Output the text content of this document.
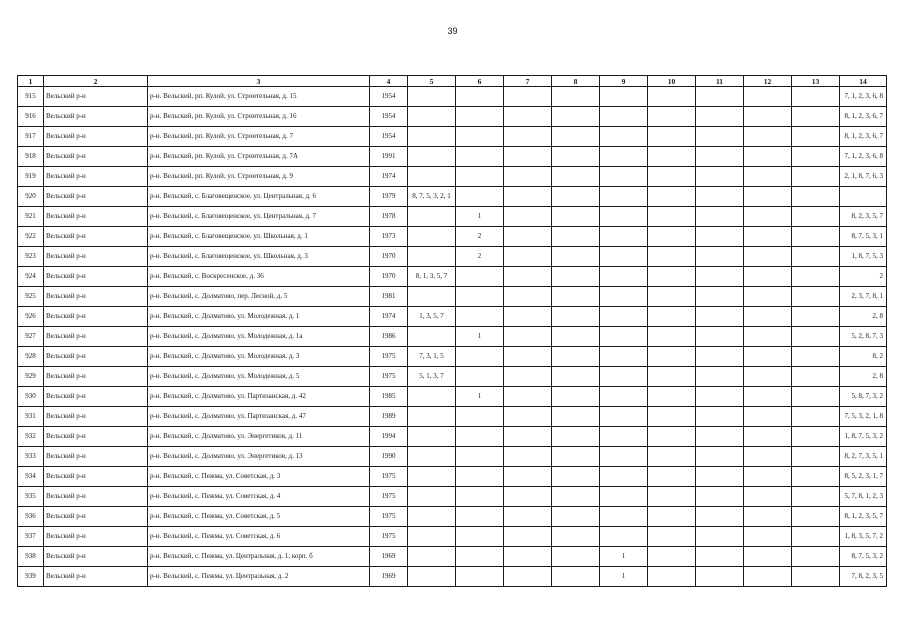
39
1	2	3	4	5	6	7	8	9	10	11	12	13	14
915	Вельский р-н	р-н. Вельский, рп. Кулой, ул. Строительная, д. 15	1954										7, 1, 2, 3, 6, 8
916	Вельский р-н	р-н. Вельский, рп. Кулой, ул. Строительная, д. 16	1954										8, 1, 2, 3, 6, 7
917	Вельский р-н	р-н. Вельский, рп. Кулой, ул. Строительная, д. 7	1954										8, 1, 2, 3, 6, 7
918	Вельский р-н	р-н. Вельский, рп. Кулой, ул. Строительная, д. 7А	1991										7, 1, 2, 3, 6, 8
919	Вельский р-н	р-н. Вельский, рп. Кулой, ул. Строительная, д. 9	1974										2, 1, 8, 7, 6, 3
920	Вельский р-н	р-н. Вельский, с. Благовещенское, ул. Центральная, д. 6	1979	8, 7, 5, 3, 2, 1									
921	Вельский р-н	р-н. Вельский, с. Благовещенское, ул. Центральная, д. 7	1978		1								8, 2, 3, 5, 7
922	Вельский р-н	р-н. Вельский, с. Благовещенское, ул. Школьная, д. 1	1973		2								8, 7, 5, 3, 1
923	Вельский р-н	р-н. Вельский, с. Благовещенское, ул. Школьная, д. 3	1970		2								1, 8, 7, 5, 3
924	Вельский р-н	р-н. Вельский, с. Воскресенское, д. 36	1970	8, 1, 3, 5, 7									2
925	Вельский р-н	р-н. Вельский, с. Долматово, пер. Лесной, д. 5	1981										2, 3, 7, 8, 1
926	Вельский р-н	р-н. Вельский, с. Долматово, ул. Молодежная, д. 1	1974	1, 3, 5, 7									2, 8
927	Вельский р-н	р-н. Вельский, с. Долматово, ул. Молодежная, д. 1а	1986		1								5, 2, 8, 7, 3
928	Вельский р-н	р-н. Вельский, с. Долматово, ул. Молодежная, д. 3	1975	7, 3, 1, 5									8, 2
929	Вельский р-н	р-н. Вельский, с. Долматово, ул. Молодежная, д. 5	1975	5, 1, 3, 7									2, 8
930	Вельский р-н	р-н. Вельский, с. Долматово, ул. Партизанская, д. 42	1985		1								5, 8, 7, 3, 2
931	Вельский р-н	р-н. Вельский, с. Долматово, ул. Партизанская, д. 47	1989										7, 5, 3, 2, 1, 8
932	Вельский р-н	р-н. Вельский, с. Долматово, ул. Энергетиков, д. 11	1994										1, 8, 7, 5, 3, 2
933	Вельский р-н	р-н. Вельский, с. Долматово, ул. Энергетиков, д. 13	1990										8, 2, 7, 3, 5, 1
934	Вельский р-н	р-н. Вельский, с. Пежма, ул. Советская, д. 3	1975										8, 5, 2, 3, 1, 7
935	Вельский р-н	р-н. Вельский, с. Пежма, ул. Советская, д. 4	1975										5, 7, 8, 1, 2, 3
936	Вельский р-н	р-н. Вельский, с. Пежма, ул. Советская, д. 5	1975										8, 1, 2, 3, 5, 7
937	Вельский р-н	р-н. Вельский, с. Пежма, ул. Советская, д. 6	1975										1, 8, 3, 5, 7, 2
938	Вельский р-н	р-н. Вельский, с. Пежма, ул. Центральная, д. 1, корп. б	1969					1					8, 7, 5, 3, 2
939	Вельский р-н	р-н. Вельский, с. Пежма, ул. Центральная, д. 2	1969					1					7, 8, 2, 3, 5
